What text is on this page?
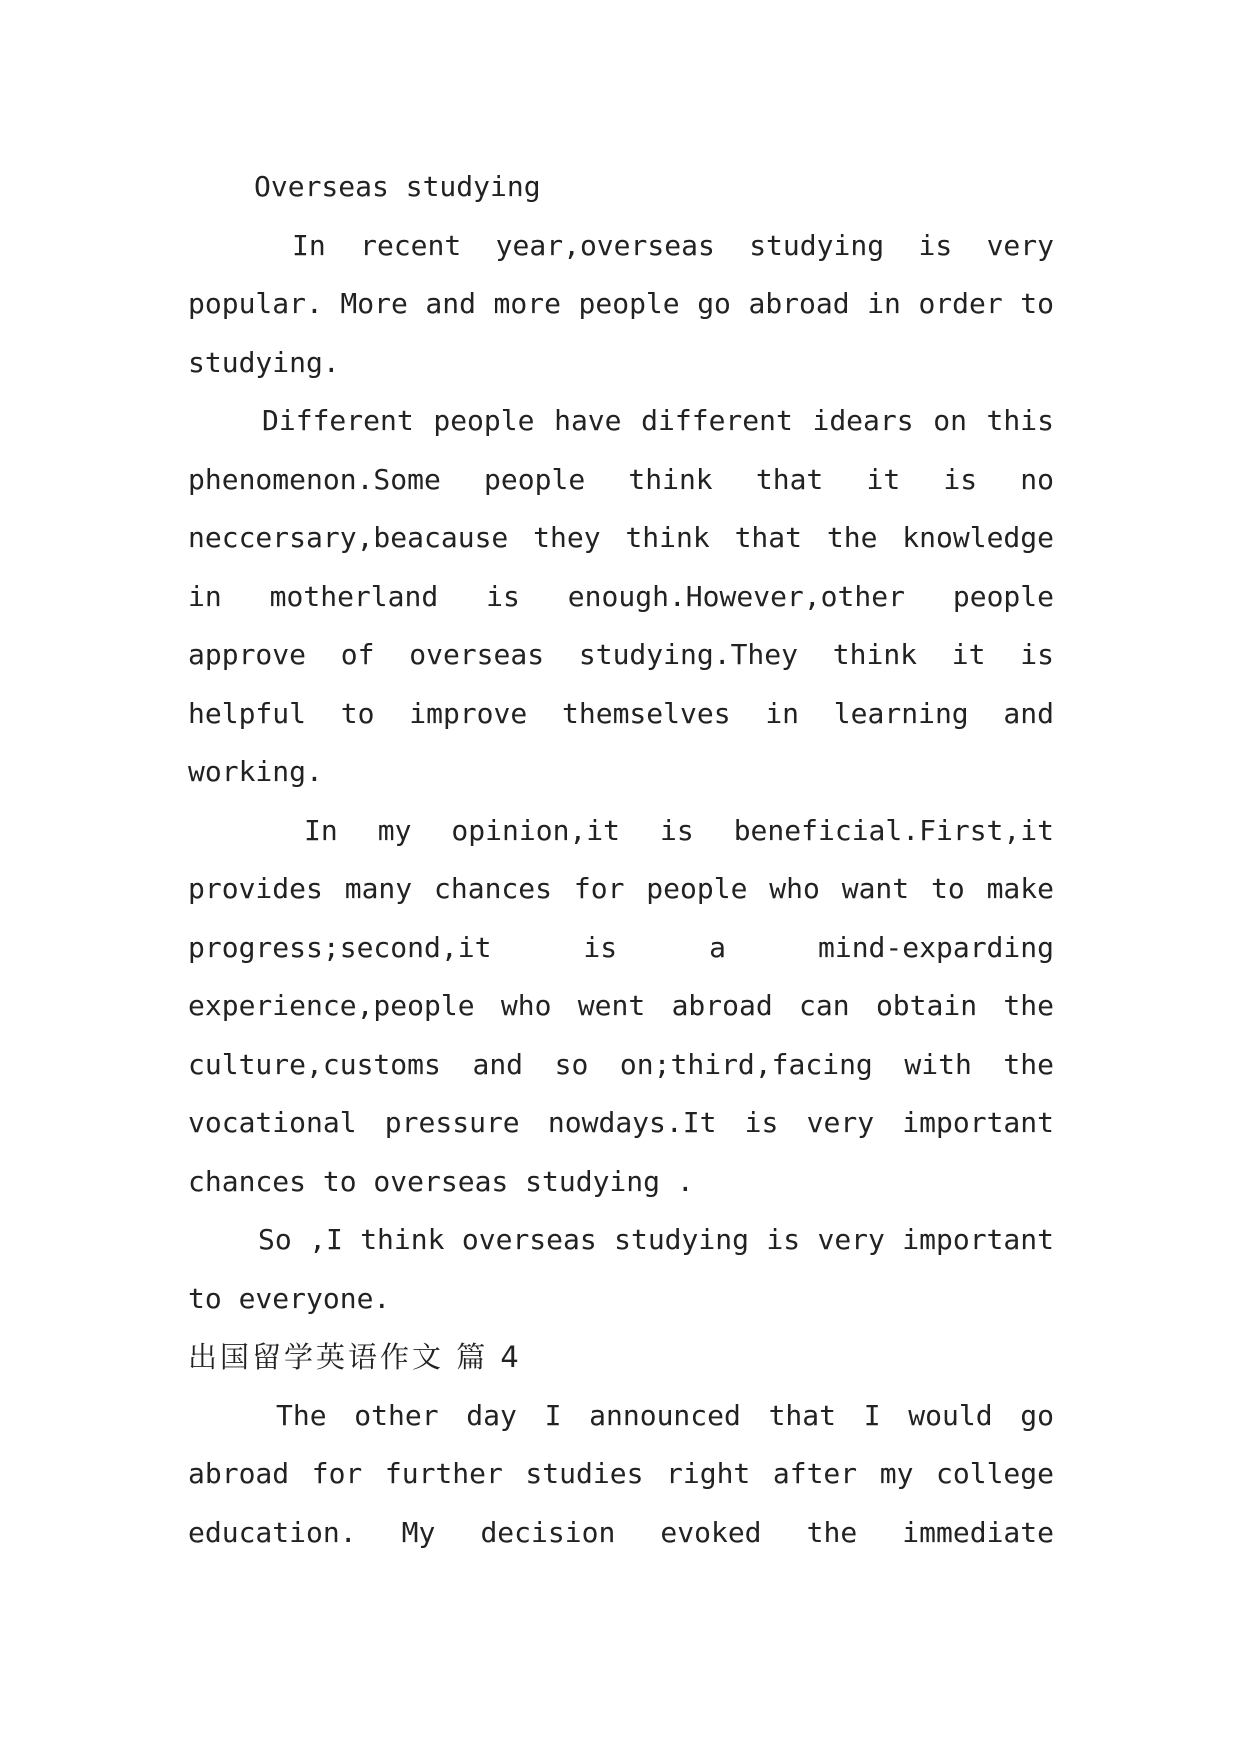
Overseas studying
In recent year,overseas studying is very
popular. More and more people go abroad in order to
studying.
Different people have different idears on this
phenomenon.Some people think that it is no
neccersary,beacause they think that the knowledge
in motherland is enough.However,other people
approve of overseas studying.They think it is
helpful to improve themselves in learning and
working.
In my opinion,it is beneficial.First,it
provides many chances for people who want to make
progress;second,it is a mind-exparding
experience,people who went abroad can obtain the
culture,customs and so on;third,facing with the
vocational pressure nowdays.It is very important
chances to overseas studying .
So ,I think overseas studying is very important
to everyone.
出国留学英语作文 篇 4
The other day I announced that I would go
abroad for further studies right after my college
education. My decision evoked the immediate
